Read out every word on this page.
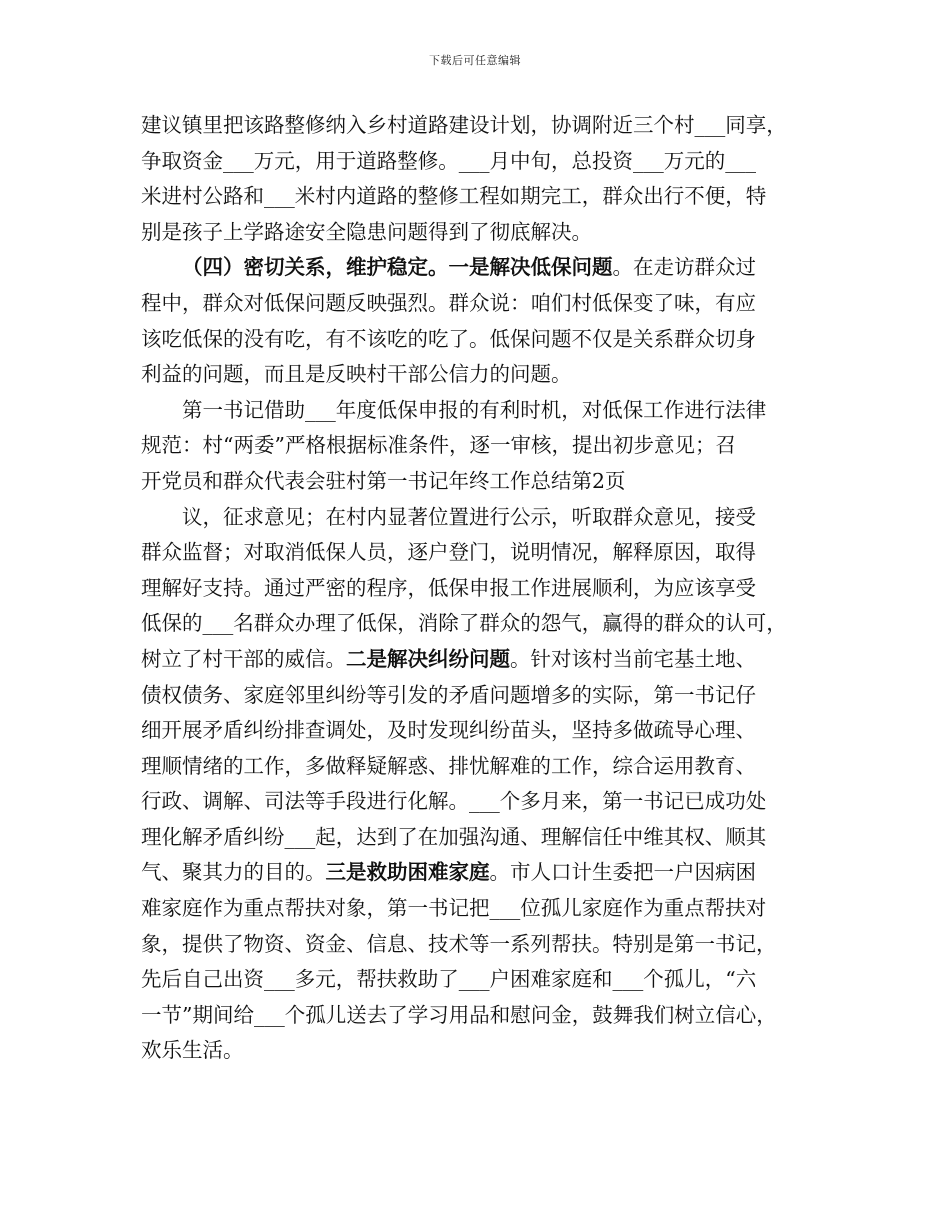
下载后可任意编辑
建议镇里把该路整修纳入乡村道路建设计划，协调附近三个村___同享，
争取资金___万元，用于道路整修。___月中旬，总投资___万元的___
米进村公路和___米村内道路的整修工程如期完工，群众出行不便，特
别是孩子上学路途安全隐患问题得到了彻底解决。
（四）密切关系，维护稳定。一是解决低保问题。在走访群众过
程中，群众对低保问题反映强烈。群众说：咱们村低保变了味，有应
该吃低保的没有吃，有不该吃的吃了。低保问题不仅是关系群众切身
利益的问题，而且是反映村干部公信力的问题。
第一书记借助___年度低保申报的有利时机，对低保工作进行法律
规范：村“两委”严格根据标准条件，逐一审核，提出初步意见；召
开党员和群众代表会驻村第一书记年终工作总结第2页
议，征求意见；在村内显著位置进行公示，听取群众意见，接受
群众监督；对取消低保人员，逐户登门，说明情况，解释原因，取得
理解好支持。通过严密的程序，低保申报工作进展顺利，为应该享受
低保的___名群众办理了低保，消除了群众的怨气，赢得的群众的认可，
树立了村干部的威信。二是解决纠纷问题。针对该村当前宅基土地、
债权债务、家庭邻里纠纷等引发的矛盾问题增多的实际，第一书记仔
细开展矛盾纠纷排查调处，及时发现纠纷苗头，坚持多做疏导心理、
理顺情绪的工作，多做释疑解惑、排忧解难的工作，综合运用教育、
行政、调解、司法等手段进行化解。___个多月来，第一书记已成功处
理化解矛盾纠纷___起，达到了在加强沟通、理解信任中维其权、顺其
气、聚其力的目的。三是救助困难家庭。市人口计生委把一户因病困
难家庭作为重点帮扶对象，第一书记把___位孤儿家庭作为重点帮扶对
象，提供了物资、资金、信息、技术等一系列帮扶。特别是第一书记，
先后自己出资___多元，帮扶救助了___户困难家庭和___个孤儿，“六
一节”期间给___个孤儿送去了学习用品和慰问金，鼓舞我们树立信心，
欢乐生活。
